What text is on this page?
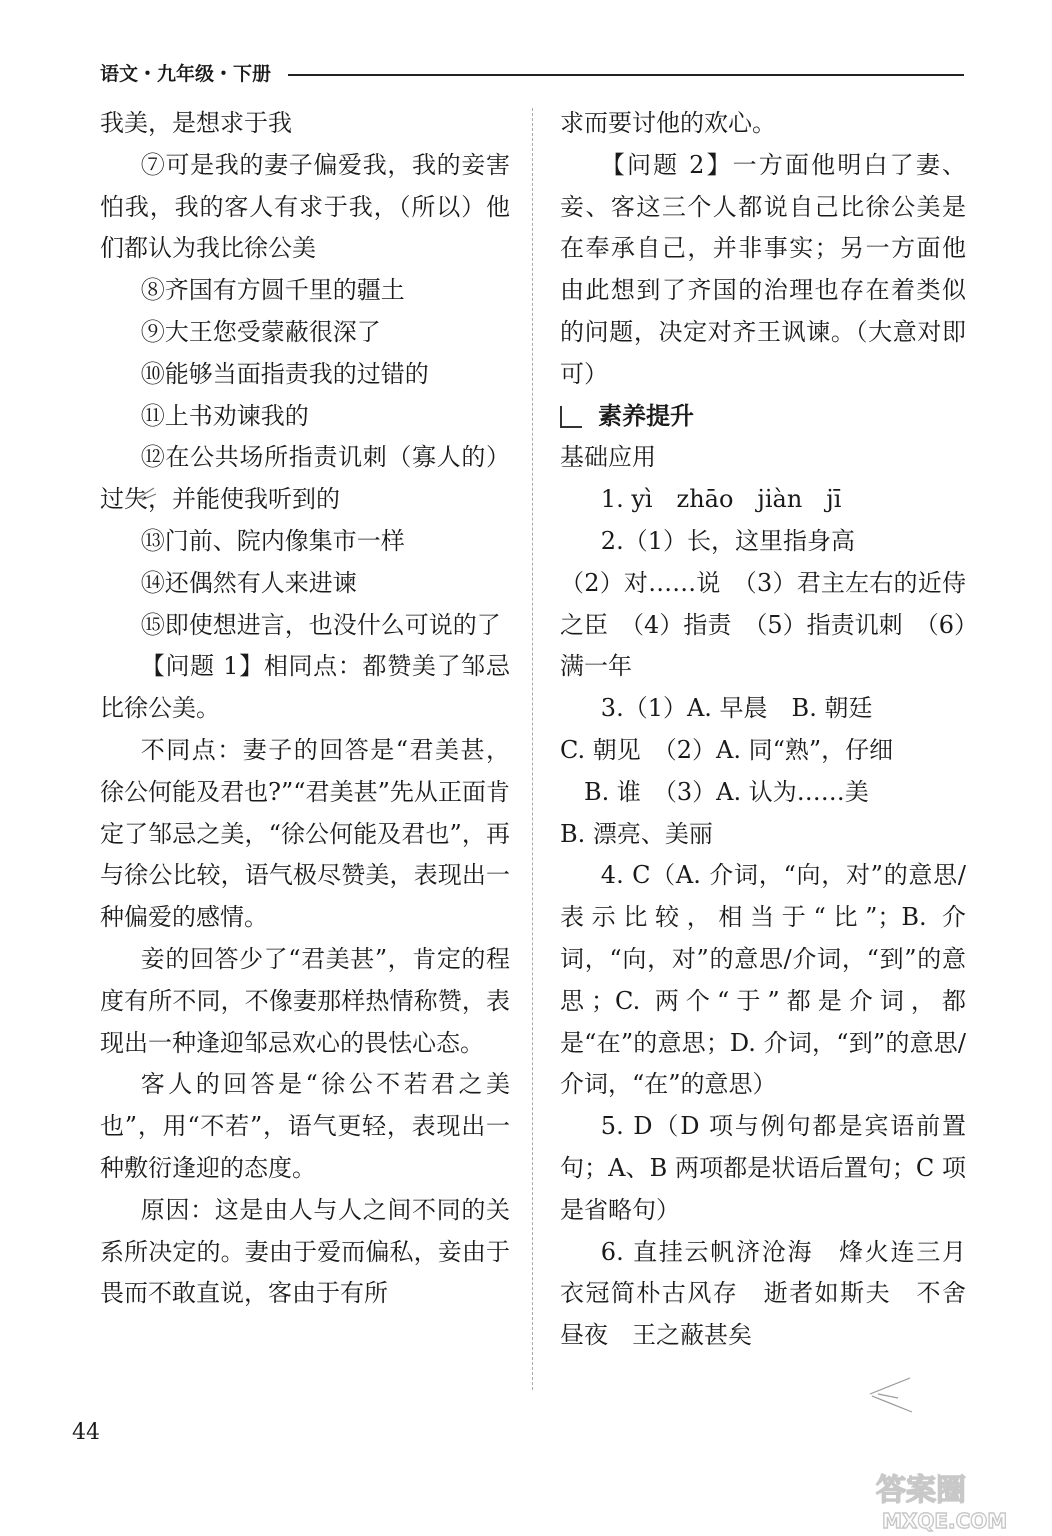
语文・九年级・下册

我美，是想求于我

⑦可是我的妻子偏爱我，我的妾害怕我，我的客人有求于我，（所以）他们都认为我比徐公美

⑧齐国有方圆千里的疆土

⑨大王您受蒙蔽很深了

⑩能够当面指责我的过错的

⑪上书劝谏我的

⑫在公共场所指责讥刺（寡人的）过失，并能使我听到的

⑬门前、院内像集市一样

⑭还偶然有人来进谏

⑮即使想进言，也没什么可说的了

【问题 1】相同点：都赞美了邹忌比徐公美。

不同点：妻子的回答是“君美甚，徐公何能及君也?”“君美甚”先从正面肯定了邹忌之美，“徐公何能及君也”，再与徐公比较，语气极尽赞美，表现出一种偏爱的感情。

妾的回答少了“君美甚”，肯定的程度有所不同，不像妻那样热情称赞，表现出一种逢迎邹忌欢心的畏怯心态。

客人的回答是“徐公不若君之美也”，用“不若”，语气更轻，表现出一种敷衍逢迎的态度。

原因：这是由人与人之间不同的关系所决定的。妻由于爱而偏私，妾由于畏而不敢直说，客由于有所

求而要讨他的欢心。

【问题 2】一方面他明白了妻、妾、客这三个人都说自己比徐公美是在奉承自己，并非事实；另一方面他由此想到了齐国的治理也存在着类似的问题，决定对齐王讽谏。（大意对即可）

素养提升

基础应用

1. yì　zhāo　jiàn　jī

2.（1）长，这里指身高

（2）对……说　（3）君主左右的近侍之臣　（4）指责　（5）指责讥刺　（6）满一年

3.（1）A. 早晨　B. 朝廷

C. 朝见　（2）A. 同“熟”，仔细

B. 谁　（3）A. 认为……美

B. 漂亮、美丽

4. C（A. 介词，“向，对”的意思/表示比较，相当于“比”；B. 介词，“向，对”的意思/介词，“到”的意思；C. 两个“于”都是介词，都是“在”的意思；D. 介词，“到”的意思/介词，“在”的意思）

5. D（D 项与例句都是宾语前置句；A、B 两项都是状语后置句；C 项是省略句）

6. 直挂云帆济沧海　烽火连三月　衣冠简朴古风存　逝者如斯夫　不舍昼夜　王之蔽甚矣

44
答案圈
MXQE.COM
